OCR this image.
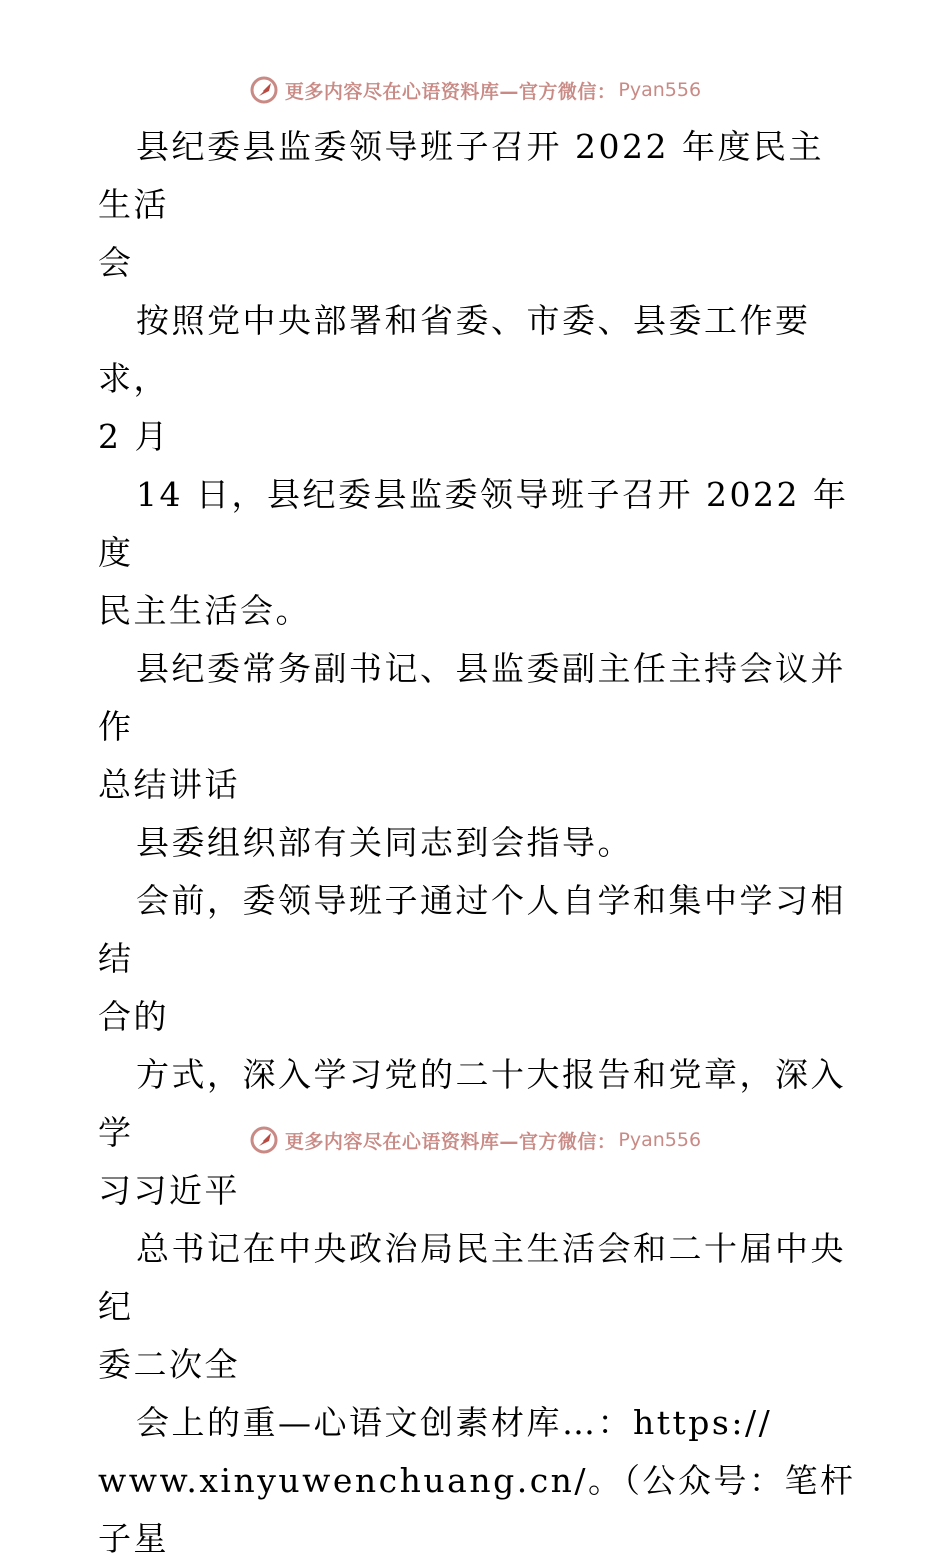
更多内容尽在心语资料库—官方微信： Pyan556

县纪委县监委领导班子召开 2022 年度民主生活
会

按照党中央部署和省委、市委、县委工作要求，
2 月

14 日，县纪委县监委领导班子召开 2022 年度
民主生活会。

县纪委常务副书记、县监委副主任主持会议并作
总结讲话

县委组织部有关同志到会指导。

会前，委领导班子通过个人自学和集中学习相结
合的

方式，深入学习党的二十大报告和党章，深入学
习习近平

总书记在中央政治局民主生活会和二十届中央纪
委二次全

会上的重—心语文创素材库…：https://
www.xinyuwenchuang.cn/。（公众号：笔杆子星

更多内容尽在心语资料库—官方微信： Pyan556
